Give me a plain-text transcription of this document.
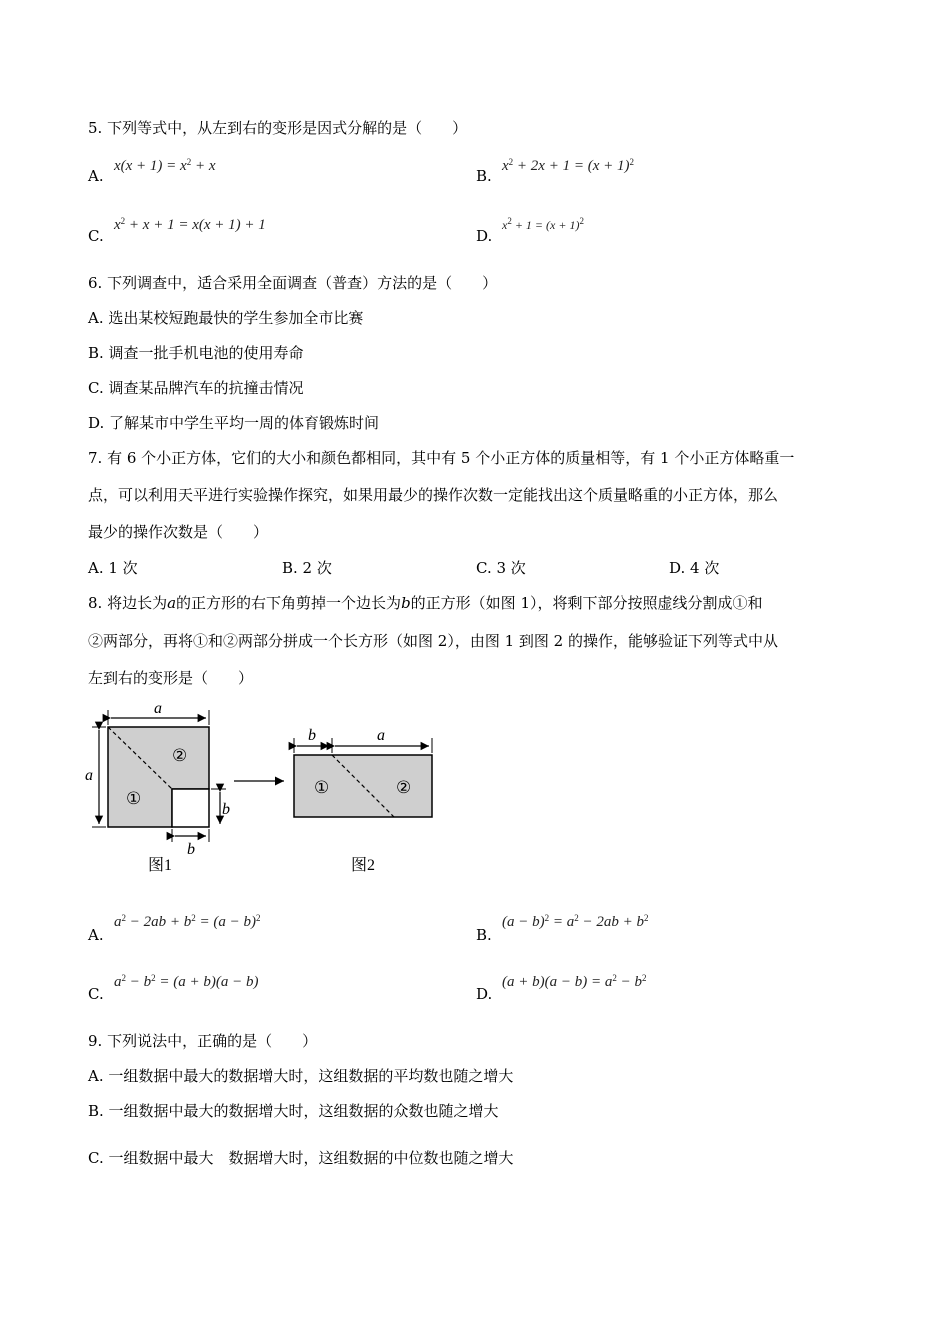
5. 下列等式中，从左到右的变形是因式分解的是（　　）
A.
$x(x + 1) = x^2 + x$
B.
$x^2 + 2x + 1 = (x + 1)^2$
C.
$x^2 + x + 1 = x(x + 1) + 1$
D.
$x^2 + 1 = (x + 1)^2$
6. 下列调查中，适合采用全面调查（普查）方法的是（　　）
A. 选出某校短跑最快的学生参加全市比赛
B. 调查一批手机电池的使用寿命
C. 调查某品牌汽车的抗撞击情况
D. 了解某市中学生平均一周的体育锻炼时间
7. 有 6 个小正方体，它们的大小和颜色都相同，其中有 5 个小正方体的质量相等，有 1 个小正方体略重一
点，可以利用天平进行实验操作探究，如果用最少的操作次数一定能找出这个质量略重的小正方体，那么
最少的操作次数是（　　）
A. 1 次	B. 2 次	C. 3 次	D. 4 次
8. 将边长为a的正方形的右下角剪掉一个边长为b的正方形（如图 1），将剩下部分按照虚线分割成①和
②两部分，再将①和②两部分拼成一个长方形（如图 2），由图 1 到图 2 的操作，能够验证下列等式中从
左到右的变形是（　　）
a
a
b
b
①
②
图1
b	a
①	②
图2
A.
$a^2 - 2ab + b^2 = (a - b)^2$
B.
$(a - b)^2 = a^2 - 2ab + b^2$
C.
$a^2 - b^2 = (a + b)(a - b)$
D.
$(a + b)(a - b) = a^2 - b^2$
9. 下列说法中，正确的是（　　）
A. 一组数据中最大的数据增大时，这组数据的平均数也随之增大
B. 一组数据中最大的数据增大时，这组数据的众数也随之增大
C. 一组数据中最大　数据增大时，这组数据的中位数也随之增大
